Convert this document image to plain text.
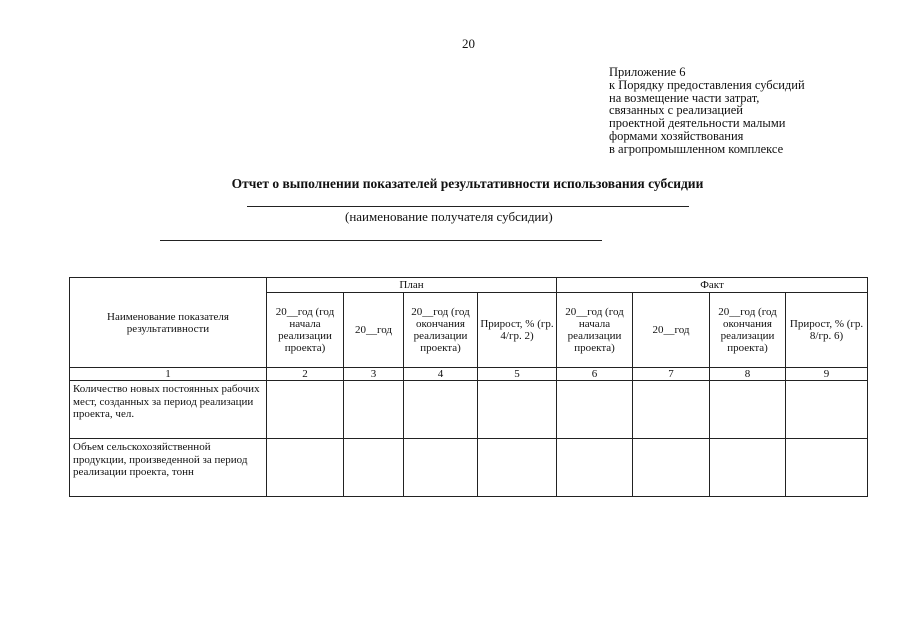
20
Приложение 6
к Порядку предоставления субсидий
на возмещение части затрат,
связанных с реализацией
проектной деятельности малыми
формами хозяйствования
в агропромышленном комплексе
Отчет о выполнении показателей результативности использования субсидии
(наименование получателя субсидии)
Наименование показателя результативности	План				Факт			
	20__год (год начала реализации проекта)	20__год	20__год (год окончания реализации проекта)	Прирост, % (гр. 4/гр. 2)	20__год (год начала реализации проекта)	20__год	20__год (год окончания реализации проекта)	Прирост, % (гр. 8/гр. 6)
1	2	3	4	5	6	7	8	9
Количество новых постоянных рабочих мест, созданных за период реализации проекта, чел.								
Объем сельскохозяйственной продукции, произведенной за период реализации проекта, тонн								
